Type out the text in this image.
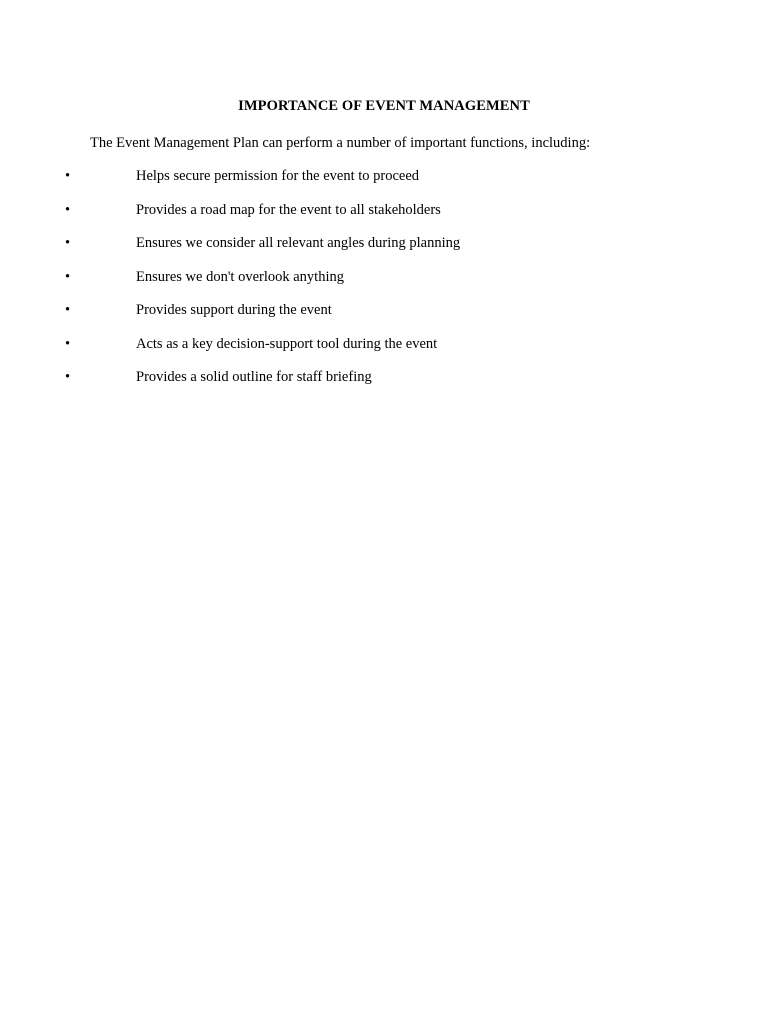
IMPORTANCE OF EVENT MANAGEMENT

The Event Management Plan can perform a number of important functions, including:

•	Helps secure permission for the event to proceed
•	Provides a road map for the event to all stakeholders
•	Ensures we consider all relevant angles during planning
•	Ensures we don't overlook anything
•	Provides support during the event
•	Acts as a key decision-support tool during the event
•	Provides a solid outline for staff briefing
